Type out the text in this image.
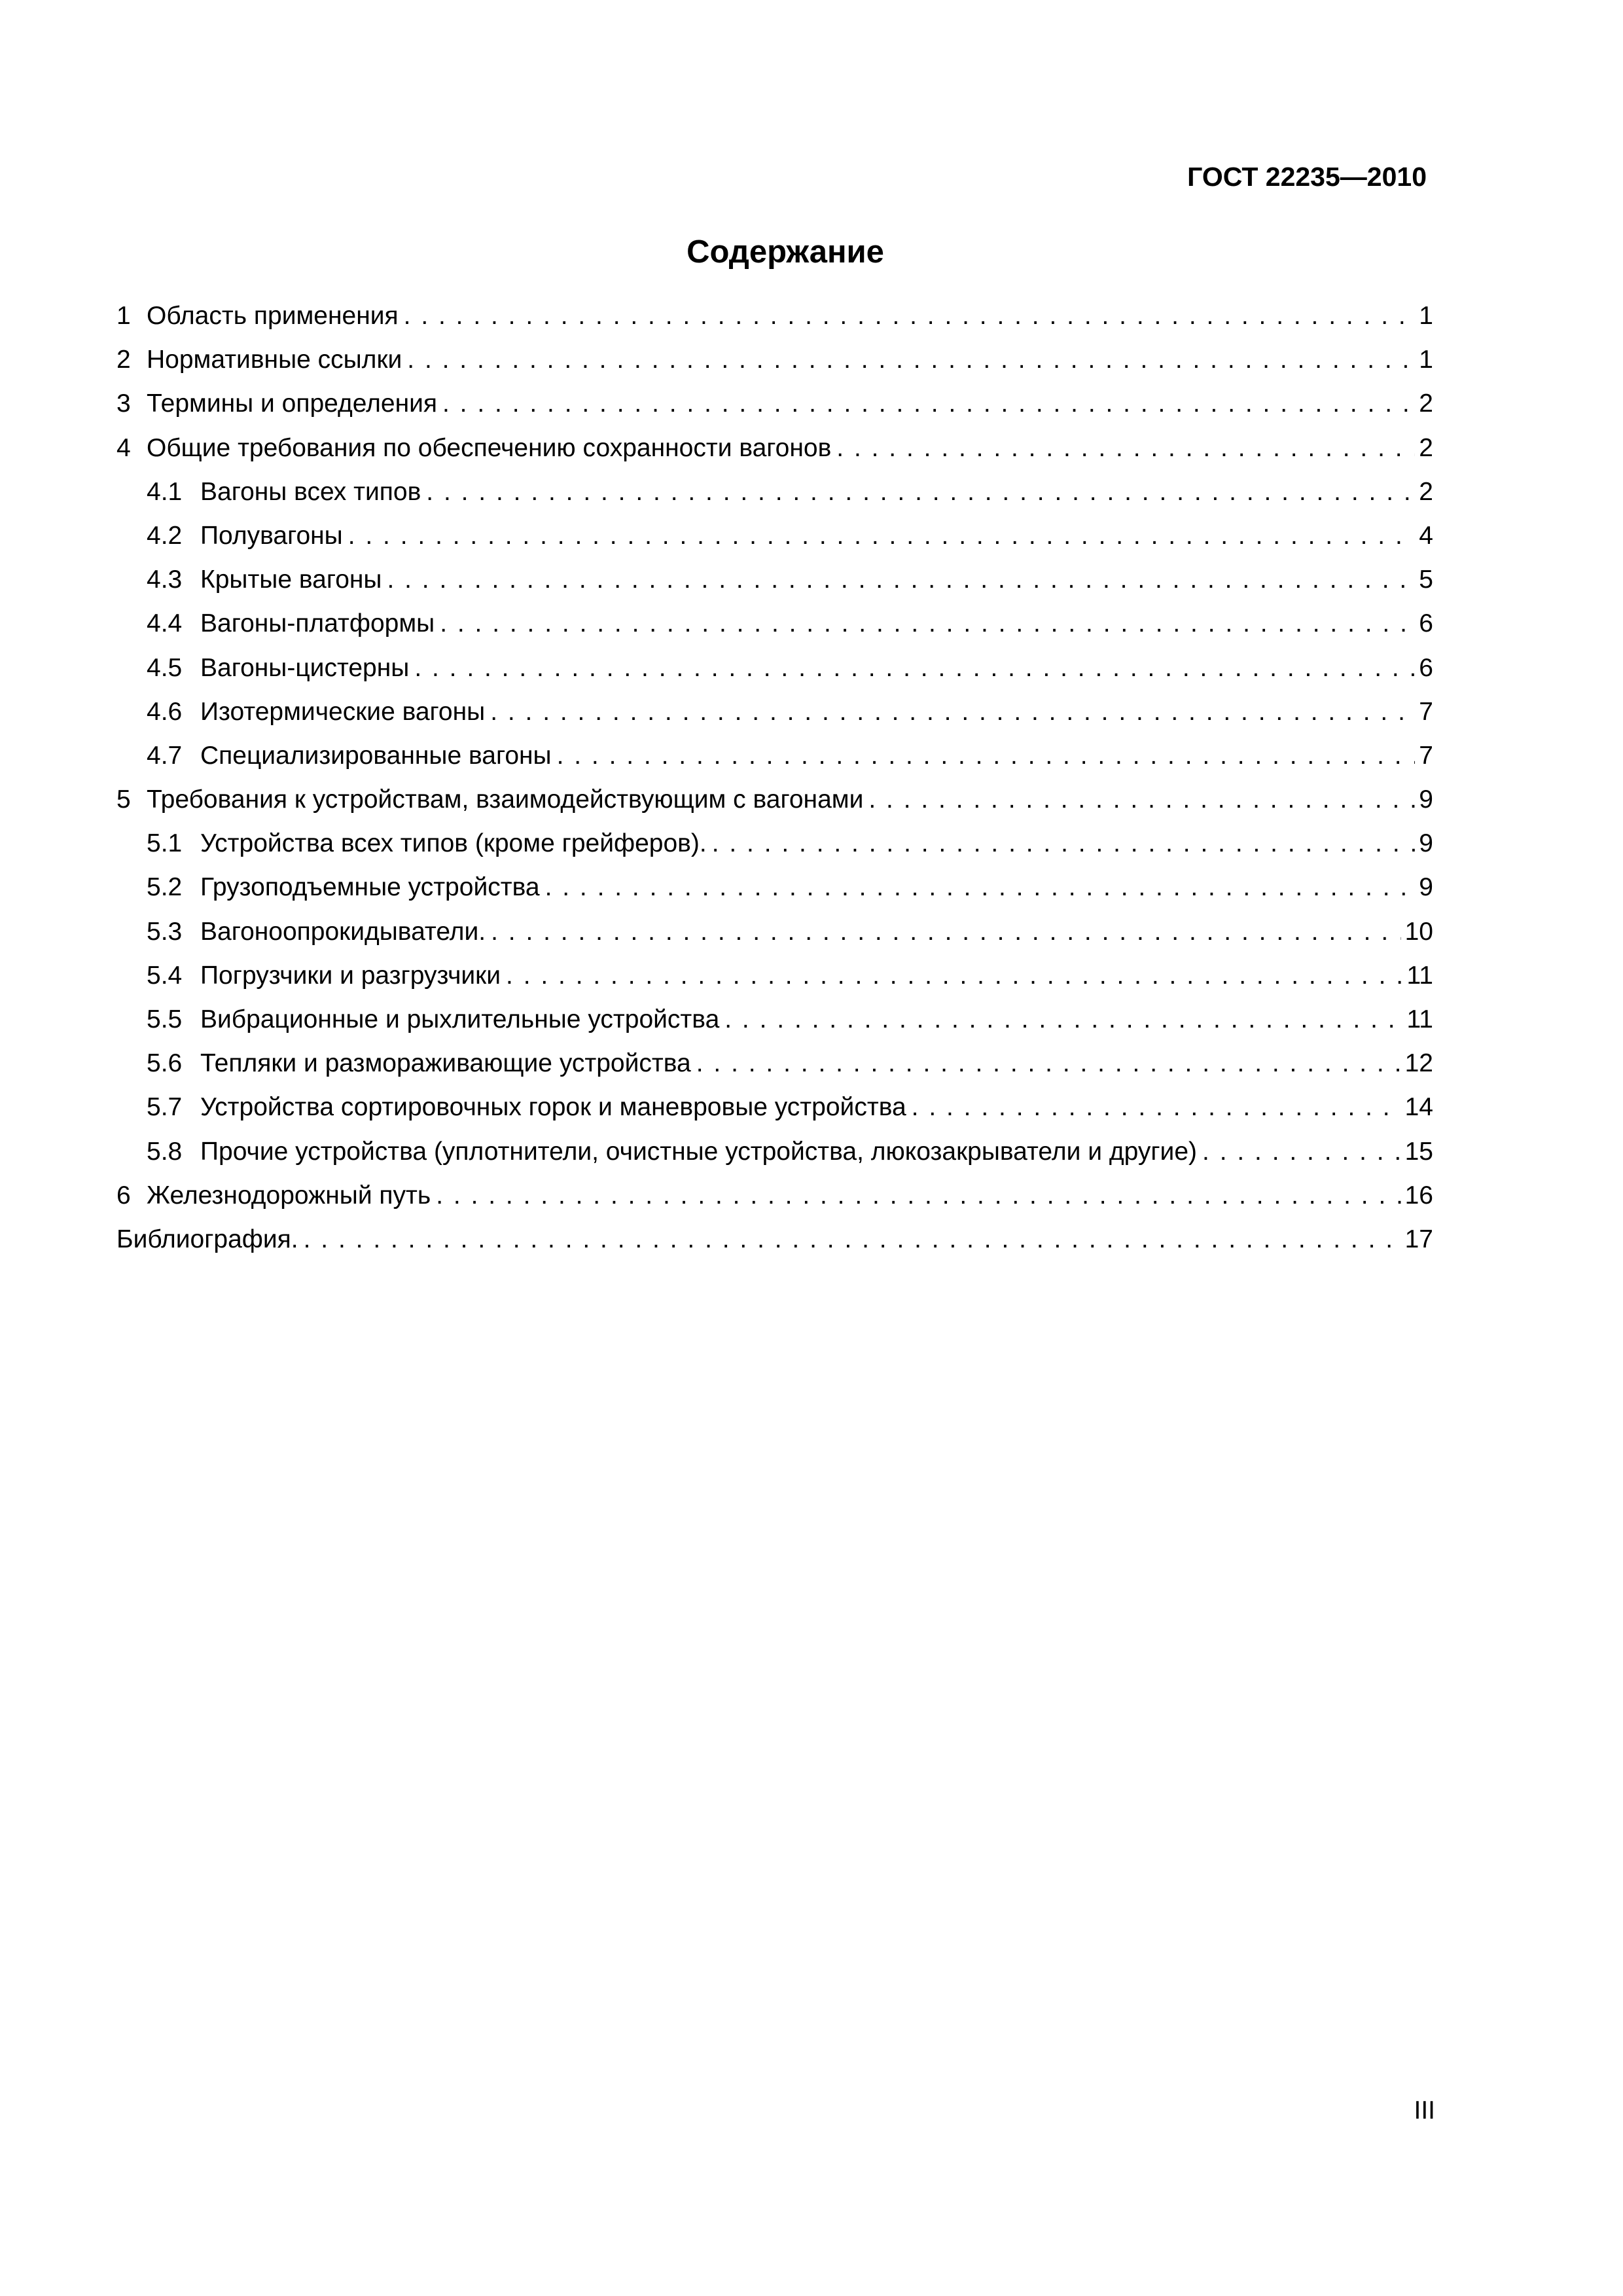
ГОСТ 22235—2010
Содержание
1 Область применения . . .	1
2 Нормативные ссылки . . .	1
3 Термины и определения . . .	2
4 Общие требования по обеспечению сохранности вагонов . . .	2
4.1 Вагоны всех типов . . .	2
4.2 Полувагоны . . .	4
4.3 Крытые вагоны . . .	5
4.4 Вагоны-платформы . . .	6
4.5 Вагоны-цистерны . . .	6
4.6 Изотермические вагоны . . .	7
4.7 Специализированные вагоны . . .	7
5 Требования к устройствам, взаимодействующим с вагонами . . .	9
5.1 Устройства всех типов (кроме грейферов). . . .	9
5.2 Грузоподъемные устройства . . .	9
5.3 Вагоноопрокидыватели. . . .	10
5.4 Погрузчики и разгрузчики . . .	11
5.5 Вибрационные и рыхлительные устройства . . .	11
5.6 Тепляки и размораживающие устройства . . .	12
5.7 Устройства сортировочных горок и маневровые устройства . . .	14
5.8 Прочие устройства (уплотнители, очистные устройства, люкозакрыватели и другие) . . .	15
6 Железнодорожный путь . . .	16
Библиография. . . .	17
III
